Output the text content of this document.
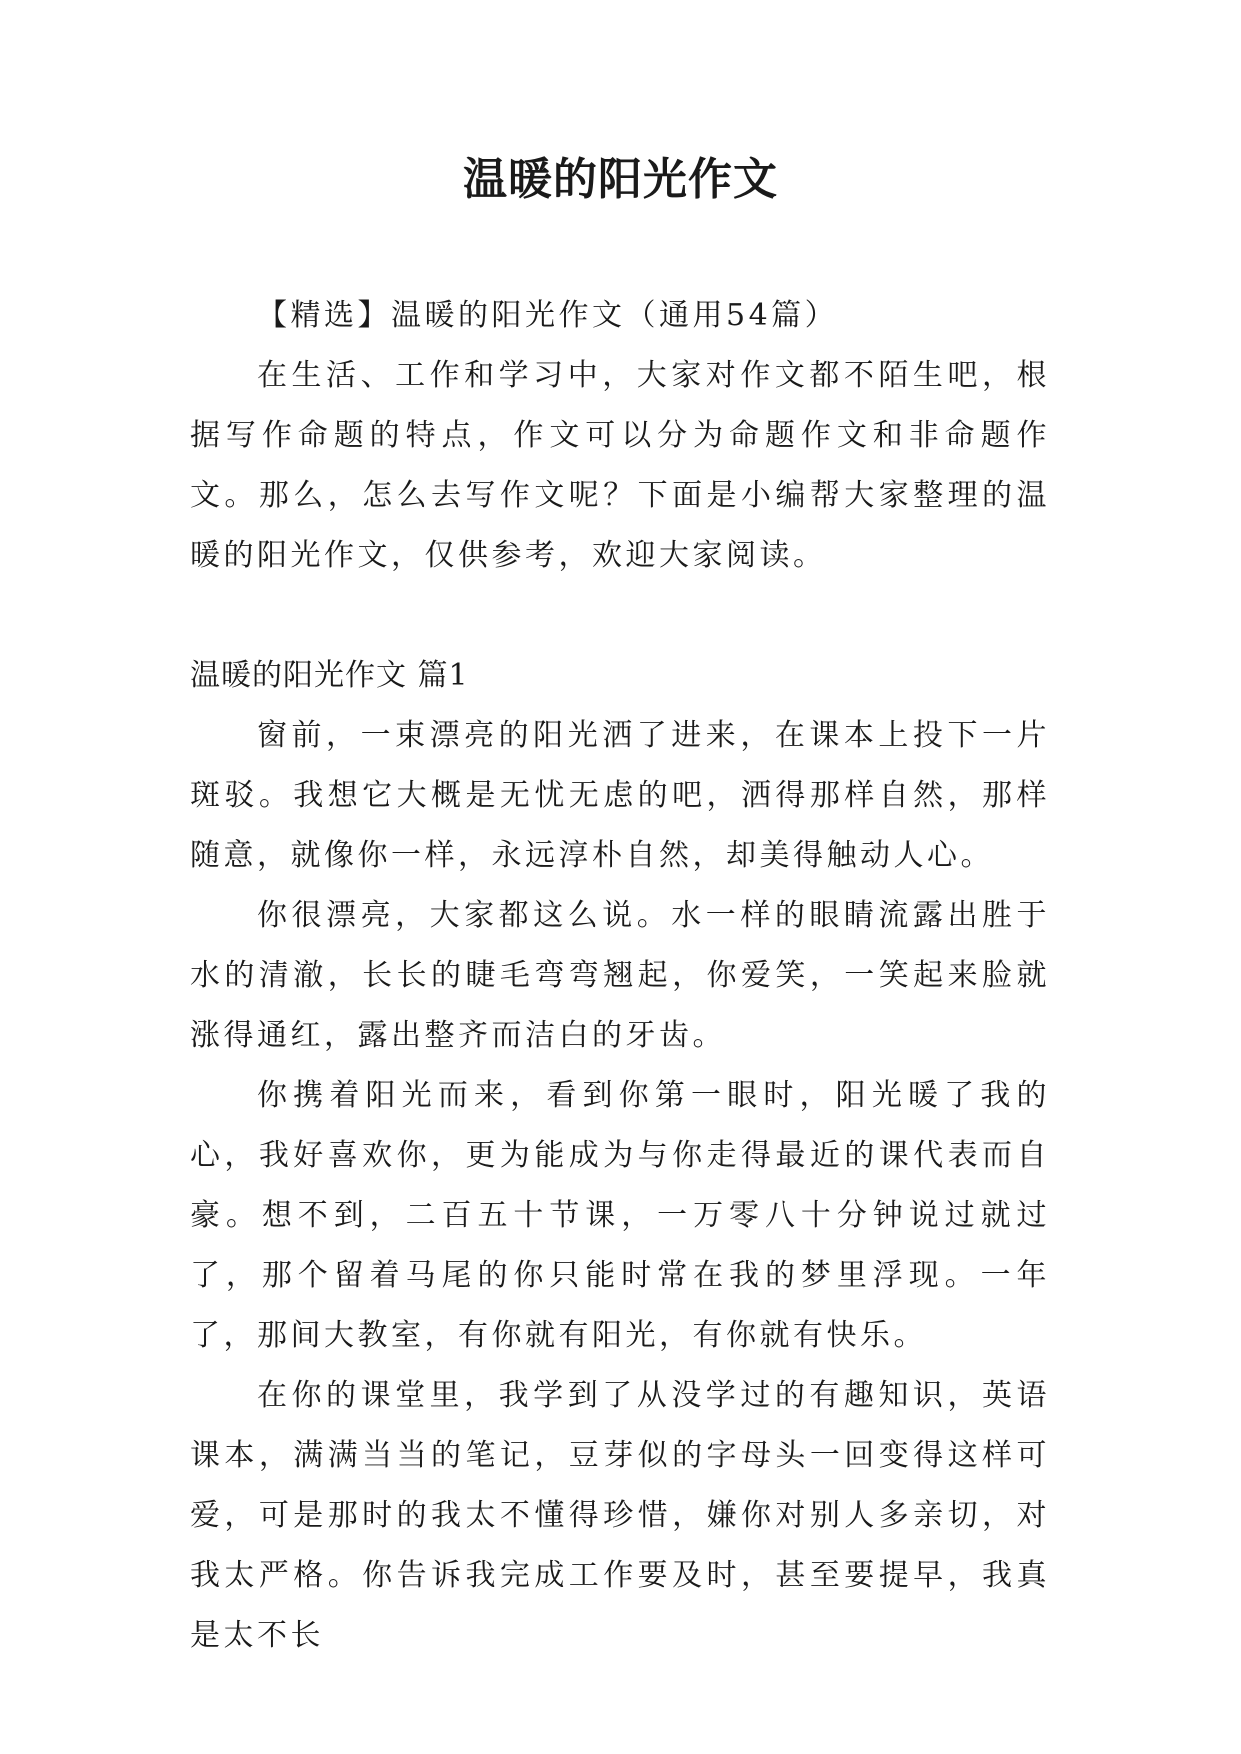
温暖的阳光作文

【精选】温暖的阳光作文（通用54篇）

在生活、工作和学习中，大家对作文都不陌生吧，根据写作命题的特点，作文可以分为命题作文和非命题作文。那么，怎么去写作文呢？下面是小编帮大家整理的温暖的阳光作文，仅供参考，欢迎大家阅读。

温暖的阳光作文 篇1

窗前，一束漂亮的阳光洒了进来，在课本上投下一片斑驳。我想它大概是无忧无虑的吧，洒得那样自然，那样随意，就像你一样，永远淳朴自然，却美得触动人心。

你很漂亮，大家都这么说。水一样的眼睛流露出胜于水的清澈，长长的睫毛弯弯翘起，你爱笑，一笑起来脸就涨得通红，露出整齐而洁白的牙齿。

你携着阳光而来，看到你第一眼时，阳光暖了我的心，我好喜欢你，更为能成为与你走得最近的课代表而自豪。想不到，二百五十节课，一万零八十分钟说过就过了，那个留着马尾的你只能时常在我的梦里浮现。一年了，那间大教室，有你就有阳光，有你就有快乐。

在你的课堂里，我学到了从没学过的有趣知识，英语课本，满满当当的笔记，豆芽似的字母头一回变得这样可爱，可是那时的我太不懂得珍惜，嫌你对别人多亲切，对我太严格。你告诉我完成工作要及时，甚至要提早，我真是太不长
